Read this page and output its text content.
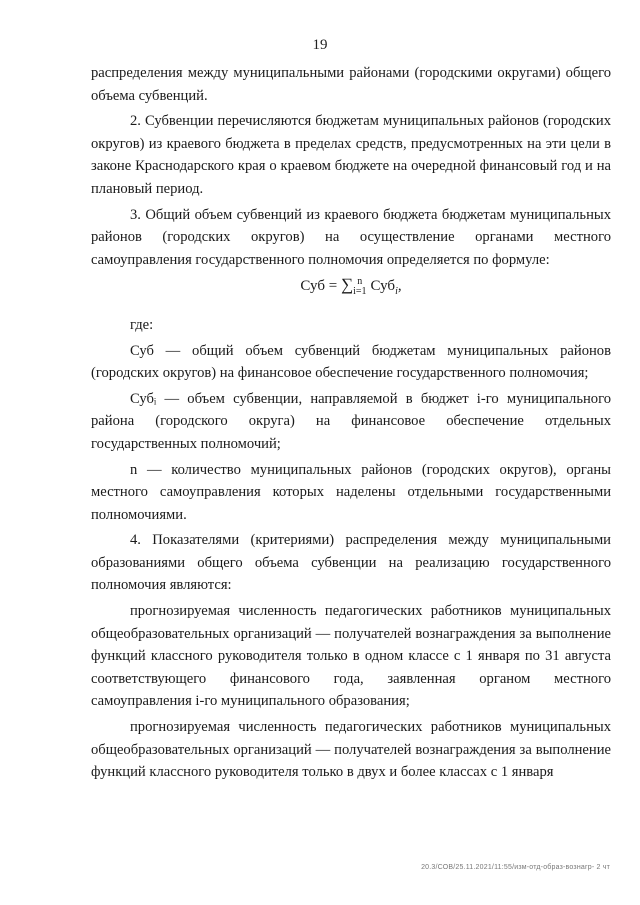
19

распределения между муниципальными районами (городскими округами) общего объема субвенций.

2. Субвенции перечисляются бюджетам муниципальных районов (городских округов) из краевого бюджета в пределах средств, предусмотренных на эти цели в законе Краснодарского края о краевом бюджете на очередной финансовый год и на плановый период.

3. Общий объем субвенций из краевого бюджета бюджетам муниципальных районов (городских округов) на осуществление органами местного самоуправления государственного полномочия определяется по формуле:

Суб = ∑ n
i=1 Суб$_i$,

где:

Суб — общий объем субвенций бюджетам муниципальных районов (городских округов) на финансовое обеспечение государственного полномочия;

Субᵢ — объем субвенции, направляемой в бюджет i-го муниципального района (городского округа) на финансовое обеспечение отдельных государственных полномочий;

n — количество муниципальных районов (городских округов), органы местного самоуправления которых наделены отдельными государственными полномочиями.

4. Показателями (критериями) распределения между муниципальными образованиями общего объема субвенции на реализацию государственного полномочия являются:

прогнозируемая численность педагогических работников муниципальных общеобразовательных организаций — получателей вознаграждения за выполнение функций классного руководителя только в одном классе с 1 января по 31 августа соответствующего финансового года, заявленная органом местного самоуправления i-го муниципального образования;

прогнозируемая численность педагогических работников муниципальных общеобразовательных организаций — получателей вознаграждения за выполнение функций классного руководителя только в двух и более классах с 1 января

20.3/СОВ/25.11.2021/11:55/изм-отд-образ-вознагр- 2 чт
